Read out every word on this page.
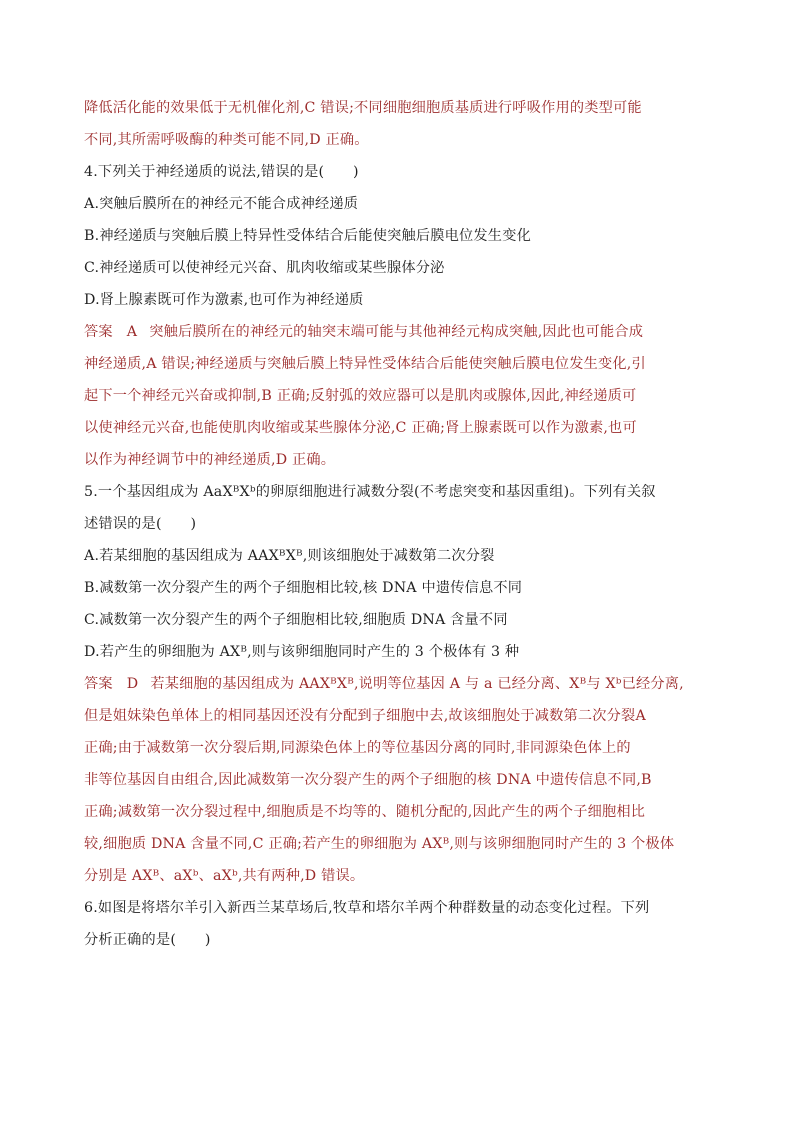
降低活化能的效果低于无机催化剂,C 错误;不同细胞细胞质基质进行呼吸作用的类型可能
不同,其所需呼吸酶的种类可能不同,D 正确。
4.下列关于神经递质的说法,错误的是(　　)
A.突触后膜所在的神经元不能合成神经递质
B.神经递质与突触后膜上特异性受体结合后能使突触后膜电位发生变化
C.神经递质可以使神经元兴奋、肌肉收缩或某些腺体分泌
D.肾上腺素既可作为激素,也可作为神经递质
答案 A 突触后膜所在的神经元的轴突末端可能与其他神经元构成突触,因此也可能合成
神经递质,A 错误;神经递质与突触后膜上特异性受体结合后能使突触后膜电位发生变化,引
起下一个神经元兴奋或抑制,B 正确;反射弧的效应器可以是肌肉或腺体,因此,神经递质可
以使神经元兴奋,也能使肌肉收缩或某些腺体分泌,C 正确;肾上腺素既可以作为激素,也可
以作为神经调节中的神经递质,D 正确。
5.一个基因组成为 AaXᴮXᵇ的卵原细胞进行减数分裂(不考虑突变和基因重组)。下列有关叙
述错误的是(　　)
A.若某细胞的基因组成为 AAXᴮXᴮ,则该细胞处于减数第二次分裂
B.减数第一次分裂产生的两个子细胞相比较,核 DNA 中遗传信息不同
C.减数第一次分裂产生的两个子细胞相比较,细胞质 DNA 含量不同
D.若产生的卵细胞为 AXᴮ,则与该卵细胞同时产生的 3 个极体有 3 种
答案 D 若某细胞的基因组成为 AAXᴮXᴮ,说明等位基因 A 与 a 已经分离、Xᴮ与 Xᵇ已经分离,
但是姐妹染色单体上的相同基因还没有分配到子细胞中去,故该细胞处于减数第二次分裂A
正确;由于减数第一次分裂后期,同源染色体上的等位基因分离的同时,非同源染色体上的
非等位基因自由组合,因此减数第一次分裂产生的两个子细胞的核 DNA 中遗传信息不同,B
正确;减数第一次分裂过程中,细胞质是不均等的、随机分配的,因此产生的两个子细胞相比
较,细胞质 DNA 含量不同,C 正确;若产生的卵细胞为 AXᴮ,则与该卵细胞同时产生的 3 个极体
分别是 AXᴮ、aXᵇ、aXᵇ,共有两种,D 错误。
6.如图是将塔尔羊引入新西兰某草场后,牧草和塔尔羊两个种群数量的动态变化过程。下列
分析正确的是(　　)
